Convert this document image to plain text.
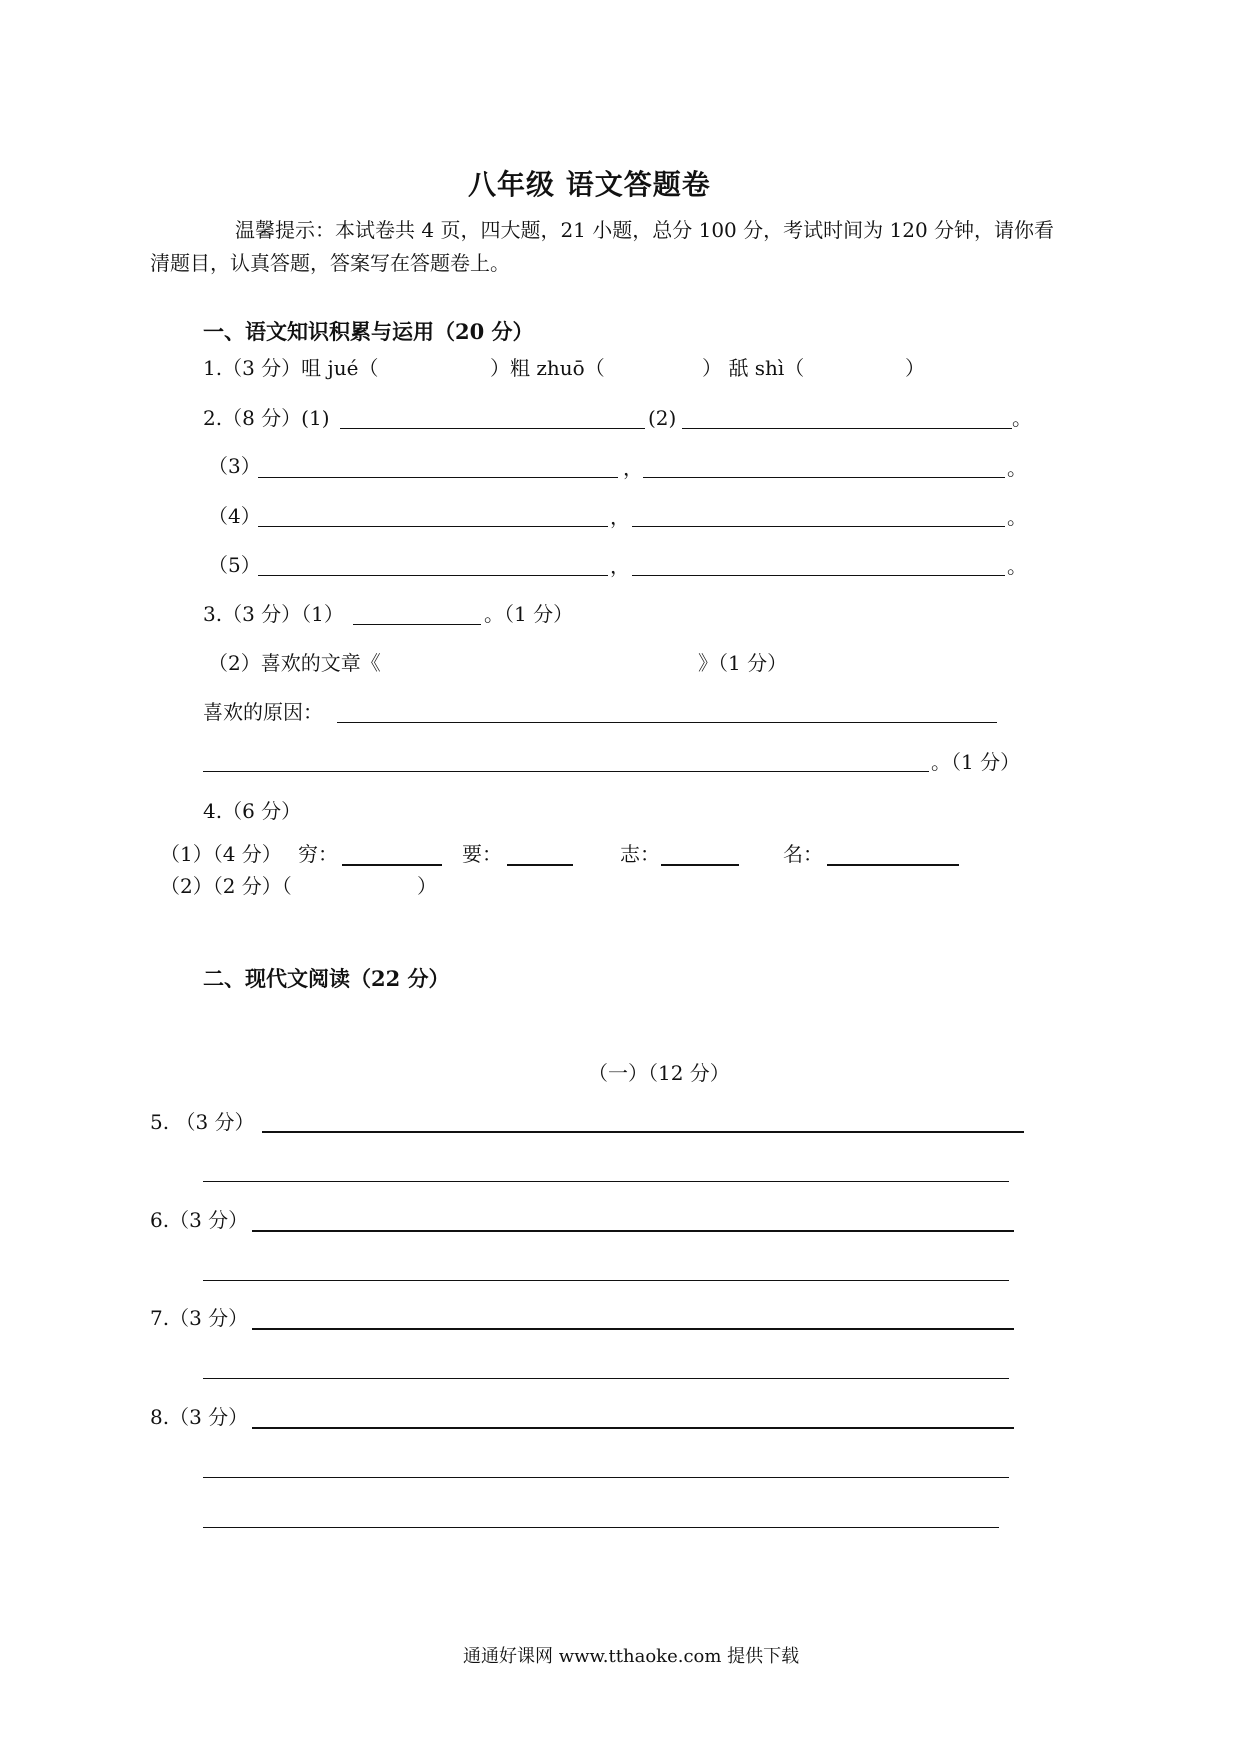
八年级 语文答题卷
温馨提示：本试卷共 4 页，四大题，21 小题，总分 100 分，考试时间为 120 分钟，请你看
清题目，认真答题，答案写在答题卷上。
一、语文知识积累与运用（20 分）
1.（3 分）咀 jué（	）粗 zhuō（	） 舐 shì（	）
2.（8 分）(1)	(2)	。
（3）	，	。
（4）	，	。
（5）	，	。
3.（3 分）（1）	。（1 分）
（2）喜欢的文章《	》（1 分）
喜欢的原因：
。（1 分）
4.（6 分）
（1）（4 分） 穷：	要：	志：	名：
（2）（2 分）（	）
二、现代文阅读（22 分）
（一）（12 分）
5. （3 分）
6.（3 分）
7.（3 分）
8.（3 分）
通通好课网 www.tthaoke.com 提供下载
